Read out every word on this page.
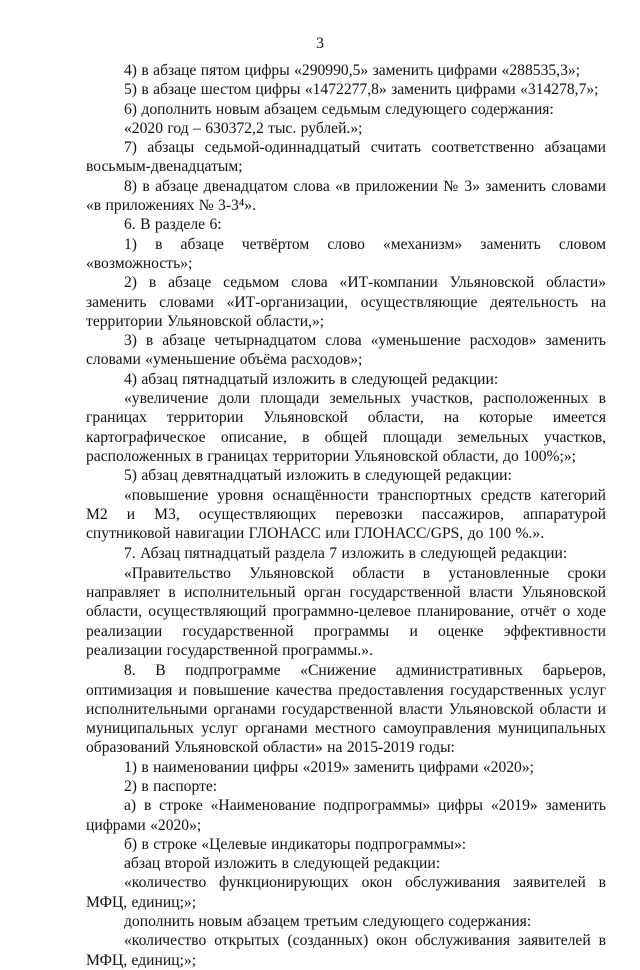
3

4) в абзаце пятом цифры «290990,5» заменить цифрами «288535,3»;

5) в абзаце шестом цифры «1472277,8» заменить цифрами «314278,7»;

6) дополнить новым абзацем седьмым следующего содержания:

«2020 год – 630372,2 тыс. рублей.»;

7) абзацы седьмой-одиннадцатый считать соответственно абзацами восьмым-двенадцатым;

8) в абзаце двенадцатом слова «в приложении № 3» заменить словами «в приложениях № 3-3⁴».

6. В разделе 6:

1) в абзаце четвёртом слово «механизм» заменить словом «возможность»;

2) в абзаце седьмом слова «ИТ-компании Ульяновской области» заменить словами «ИТ-организации, осуществляющие деятельность на территории Ульяновской области,»;

3) в абзаце четырнадцатом слова «уменьшение расходов» заменить словами «уменьшение объёма расходов»;

4) абзац пятнадцатый изложить в следующей редакции:

«увеличение доли площади земельных участков, расположенных в границах территории Ульяновской области, на которые имеется картографическое описание, в общей площади земельных участков, расположенных в границах территории Ульяновской области, до 100%;»;

5) абзац девятнадцатый изложить в следующей редакции:

«повышение уровня оснащённости транспортных средств категорий М2 и М3, осуществляющих перевозки пассажиров, аппаратурой спутниковой навигации ГЛОНАСС или ГЛОНАСС/GPS, до 100 %.».

7. Абзац пятнадцатый раздела 7 изложить в следующей редакции:

«Правительство Ульяновской области в установленные сроки направляет в исполнительный орган государственной власти Ульяновской области, осуществляющий программно-целевое планирование, отчёт о ходе реализации государственной программы и оценке эффективности реализации государственной программы.».

8. В подпрограмме «Снижение административных барьеров, оптимизация и повышение качества предоставления государственных услуг исполнительными органами государственной власти Ульяновской области и муниципальных услуг органами местного самоуправления муниципальных образований Ульяновской области» на 2015-2019 годы:

1) в наименовании цифры «2019» заменить цифрами «2020»;

2) в паспорте:

а) в строке «Наименование подпрограммы» цифры «2019» заменить цифрами «2020»;

б) в строке «Целевые индикаторы подпрограммы»:

абзац второй изложить в следующей редакции:

«количество функционирующих окон обслуживания заявителей в МФЦ, единиц;»;

дополнить новым абзацем третьим следующего содержания:

«количество открытых (созданных) окон обслуживания заявителей в МФЦ, единиц;»;
